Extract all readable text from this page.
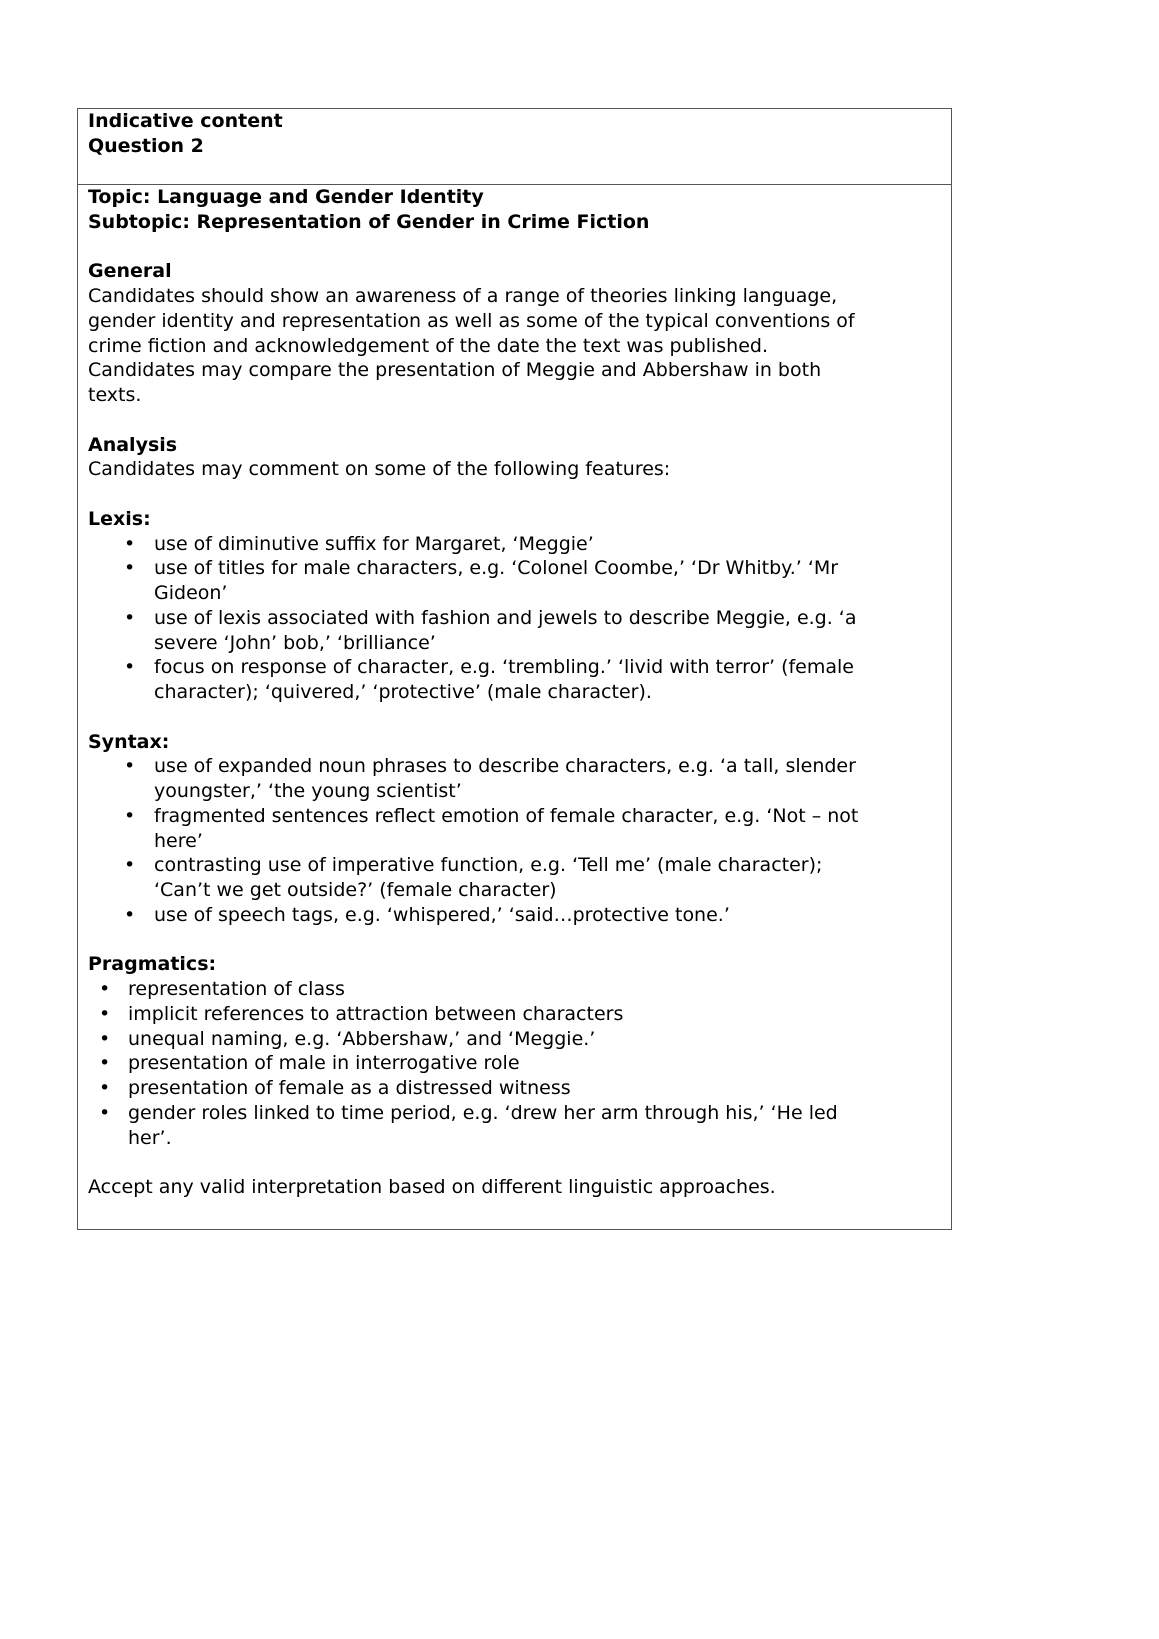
Indicative content
Question 2
Topic: Language and Gender Identity
Subtopic: Representation of Gender in Crime Fiction
General
Candidates should show an awareness of a range of theories linking language,
gender identity and representation as well as some of the typical conventions of
crime fiction and acknowledgement of the date the text was published.
Candidates may compare the presentation of Meggie and Abbershaw in both
texts.
Analysis
Candidates may comment on some of the following features:
Lexis:
• use of diminutive suffix for Margaret, ‘Meggie’
• use of titles for male characters, e.g. ‘Colonel Coombe,’ ‘Dr Whitby.’ ‘Mr
Gideon’
• use of lexis associated with fashion and jewels to describe Meggie, e.g. ‘a
severe ‘John’ bob,’ ‘brilliance’
• focus on response of character, e.g. ‘trembling.’ ‘livid with terror’ (female
character); ‘quivered,’ ‘protective’ (male character).
Syntax:
• use of expanded noun phrases to describe characters, e.g. ‘a tall, slender
youngster,’ ‘the young scientist’
• fragmented sentences reflect emotion of female character, e.g. ‘Not – not
here’
• contrasting use of imperative function, e.g. ‘Tell me’ (male character);
‘Can’t we get outside?’ (female character)
• use of speech tags, e.g. ‘whispered,’ ‘said…protective tone.’
Pragmatics:
• representation of class
• implicit references to attraction between characters
• unequal naming, e.g. ‘Abbershaw,’ and ‘Meggie.’
• presentation of male in interrogative role
• presentation of female as a distressed witness
• gender roles linked to time period, e.g. ‘drew her arm through his,’ ‘He led
her’.
Accept any valid interpretation based on different linguistic approaches.
